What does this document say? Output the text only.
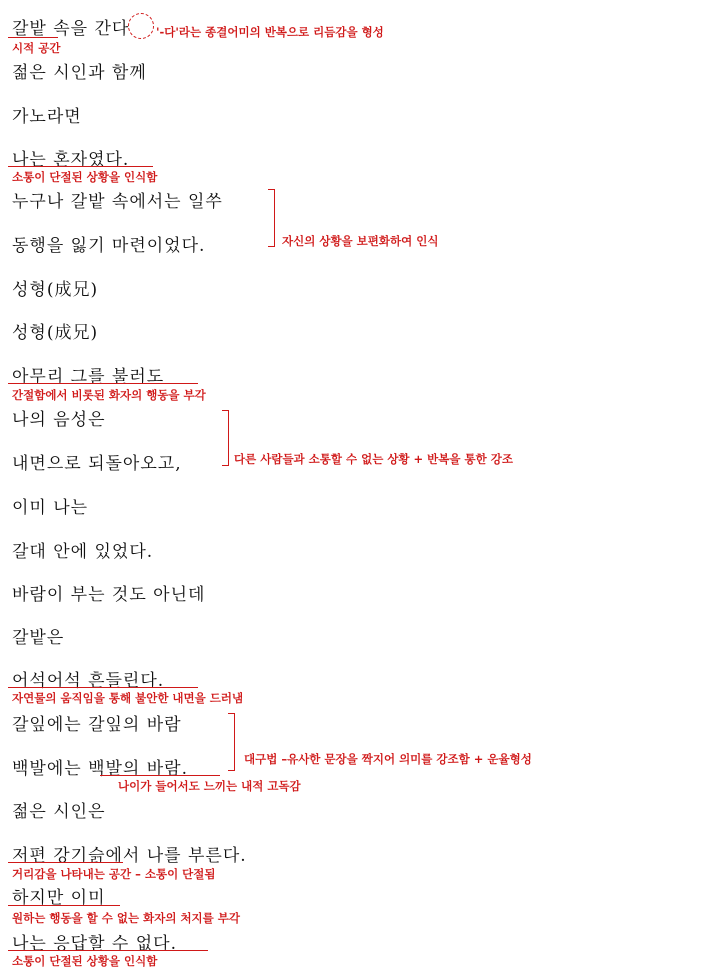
갈밭 속을 간다
젊은 시인과 함께
가노라면
나는 혼자였다.
누구나 갈밭 속에서는 일쑤
동행을 잃기 마련이었다.
성형(成兄)
성형(成兄)
아무리 그를 불러도
나의 음성은
내면으로 되돌아오고,
이미 나는
갈대 안에 있었다.
바람이 부는 것도 아닌데
갈밭은
어석어석 흔들린다.
갈잎에는 갈잎의 바람
백발에는 백발의 바람.
젊은 시인은
저편 강기슭에서 나를 부른다.
하지만 이미
나는 응답할 수 없다.
'-다'라는 종결어미의 반복으로 리듬감을 형성
시적 공간
소통이 단절된 상황을 인식함
자신의 상황을 보편화하여 인식
간절함에서 비롯된 화자의 행동을 부각
다른 사람들과 소통할 수 없는 상황 + 반복을 통한 강조
자연물의 움직임을 통해 불안한 내면을 드러냄
대구법 –유사한 문장을 짝지어 의미를 강조함 + 운율형성
나이가 들어서도 느끼는 내적 고독감
거리감을 나타내는 공간 – 소통이 단절됨
원하는 행동을 할 수 없는 화자의 처지를 부각
소통이 단절된 상황을 인식함
